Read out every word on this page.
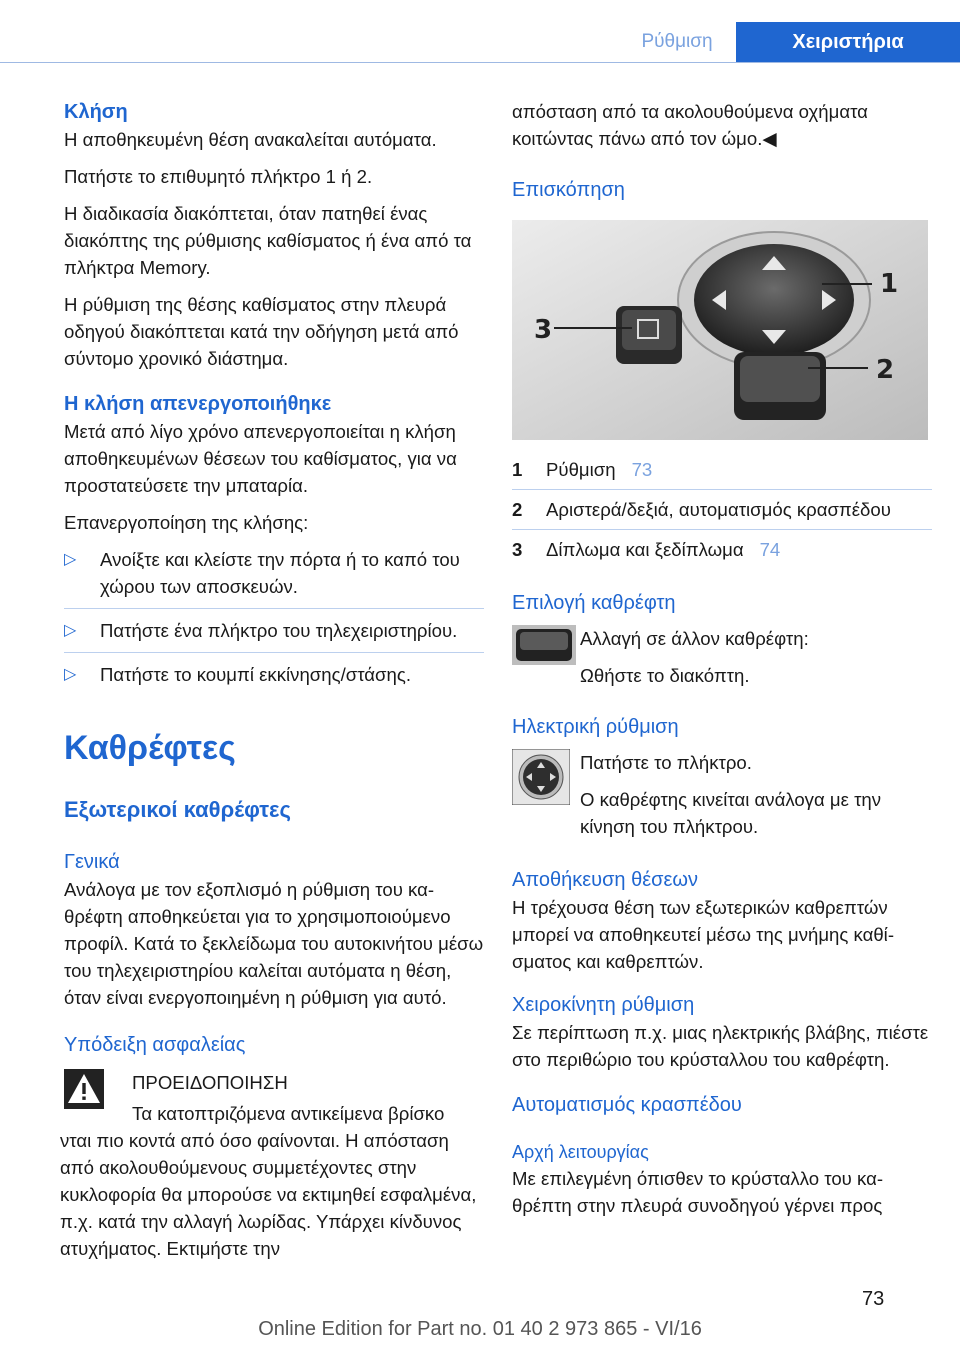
Ρύθμιση	Χειριστήρια
Κλήση

Η αποθηκευμένη θέση ανακαλείται αυτόματα.

Πατήστε το επιθυμητό πλήκτρο 1 ή 2.

Η διαδικασία διακόπτεται, όταν πατηθεί ένας διακόπτης της ρύθμισης καθίσματος ή ένα από τα πλήκτρα Memory.

Η ρύθμιση της θέσης καθίσματος στην πλευρά οδηγού διακόπτεται κατά την οδήγηση μετά από σύντομο χρονικό διάστημα.

Η κλήση απενεργοποιήθηκε

Μετά από λίγο χρόνο απενεργοποιείται η κλήση αποθηκευμένων θέσεων του καθίσματος, για να προστατεύσετε την μπαταρία.

Επανεργοποίηση της κλήσης:

▷ Ανοίξτε και κλείστε την πόρτα ή το καπό του χώρου των αποσκευών.
▷ Πατήστε ένα πλήκτρο του τηλεχειριστηρίου.
▷ Πατήστε το κουμπί εκκίνησης/στάσης.
Καθρέφτες
Εξωτερικοί καθρέφτες
Γενικά

Ανάλογα με τον εξοπλισμό η ρύθμιση του καθρέφτη αποθηκεύεται για το χρησιμοποιούμενο προφίλ. Κατά το ξεκλείδωμα του αυτοκινήτου μέσω του τηλεχειριστηρίου καλείται αυτόματα η θέση, όταν είναι ενεργοποιημένη η ρύθμιση για αυτό.

Υπόδειξη ασφαλείας

ΠΡΟΕΙΔΟΠΟΙΗΣΗ

Τα κατοπτριζόμενα αντικείμενα βρίσκο

νται πιο κοντά από όσο φαίνονται. Η απόσταση από ακολουθούμενους συμμετέχοντες στην κυκλοφορία θα μπορούσε να εκτιμηθεί εσφαλμένα, π.χ. κατά την αλλαγή λωρίδας. Υπάρχει κίνδυνος ατυχήματος. Εκτιμήστε την

απόσταση από τα ακολουθούμενα οχήματα κοιτώντας πάνω από τον ώμο.◀

Επισκόπηση
1
2
3
1	Ρύθμιση 73
2	Αριστερά/δεξιά, αυτοματισμός κρασπέδου
3	Δίπλωμα και ξεδίπλωμα 74
Επιλογή καθρέφτη

Αλλαγή σε άλλον καθρέφτη:

Ωθήστε το διακόπτη.

Ηλεκτρική ρύθμιση

Πατήστε το πλήκτρο.

Ο καθρέφτης κινείται ανάλογα με την κίνηση του πλήκτρου.

Αποθήκευση θέσεων

Η τρέχουσα θέση των εξωτερικών καθρεπτών μπορεί να αποθηκευτεί μέσω της μνήμης καθίσματος και καθρεπτών.

Χειροκίνητη ρύθμιση

Σε περίπτωση π.χ. μιας ηλεκτρικής βλάβης, πιέστε στο περιθώριο του κρύσταλλου του καθρέφτη.

Αυτοματισμός κρασπέδου
Αρχή λειτουργίας

Με επιλεγμένη όπισθεν το κρύσταλλο του καθρέπτη στην πλευρά συνοδηγού γέρνει προς

73
Online Edition for Part no. 01 40 2 973 865 - VI/16
